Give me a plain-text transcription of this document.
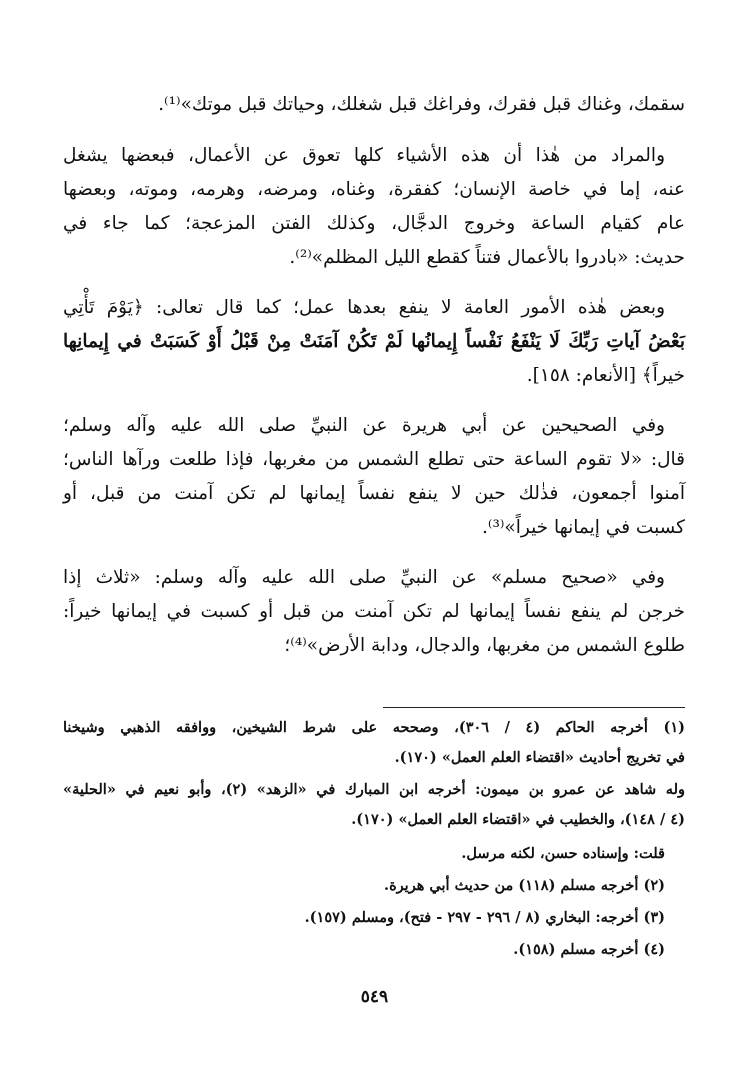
سقمك، وغناك قبل فقرك، وفراغك قبل شغلك، وحياتك قبل موتك»⁽¹⁾.
والمراد من هٰذا أن هذه الأشياء كلها تعوق عن الأعمال، فبعضها يشغل
عنه، إما في خاصة الإنسان؛ كفقرة، وغناه، ومرضه، وهرمه، وموته، وبعضها
عام كقيام الساعة وخروج الدجَّال، وكذلك الفتن المزعجة؛ كما جاء في
حديث: «بادروا بالأعمال فتناً كقطع الليل المظلم»⁽²⁾.
وبعض هٰذه الأمور العامة لا ينفع بعدها عمل؛ كما قال تعالى: ﴿يَوْمَ تَأْتِي
بَعْضُ آياتِ رَبِّكَ لَا يَنْفَعُ نَفْساً إِيمانُها لَمْ تَكُنْ آمَنَتْ مِنْ قَبْلُ أَوْ كَسَبَتْ في إِيمانِها
خيراً﴾ [الأنعام: ١٥٨].
وفي الصحيحين عن أبي هريرة عن النبيِّ صلى الله عليه وآله وسلم؛
قال: «لا تقوم الساعة حتى تطلع الشمس من مغربها، فإذا طلعت ورآها الناس؛
آمنوا أجمعون، فذٰلك حين لا ينفع نفساً إيمانها لم تكن آمنت من قبل، أو
كسبت في إيمانها خيراً»⁽³⁾.
وفي «صحيح مسلم» عن النبيِّ صلى الله عليه وآله وسلم: «ثلاث إذا
خرجن لم ينفع نفساً إيمانها لم تكن آمنت من قبل أو كسبت في إيمانها خيراً:
طلوع الشمس من مغربها، والدجال، ودابة الأرض»⁽⁴⁾؛
(١) أخرجه الحاكم (٤ / ٣٠٦)، وصححه على شرط الشيخين، ووافقه الذهبي وشيخنا
في تخريج أحاديث «اقتضاء العلم العمل» (١٧٠).
وله شاهد عن عمرو بن ميمون: أخرجه ابن المبارك في «الزهد» (٢)، وأبو نعيم في «الحلية»
(٤ / ١٤٨)، والخطيب في «اقتضاء العلم العمل» (١٧٠).
قلت: وإسناده حسن، لكنه مرسل.
(٢) أخرجه مسلم (١١٨) من حديث أبي هريرة.
(٣) أخرجه: البخاري (٨ / ٢٩٦ - ٢٩٧ - فتح)، ومسلم (١٥٧).
(٤) أخرجه مسلم (١٥٨).
٥٤٩
